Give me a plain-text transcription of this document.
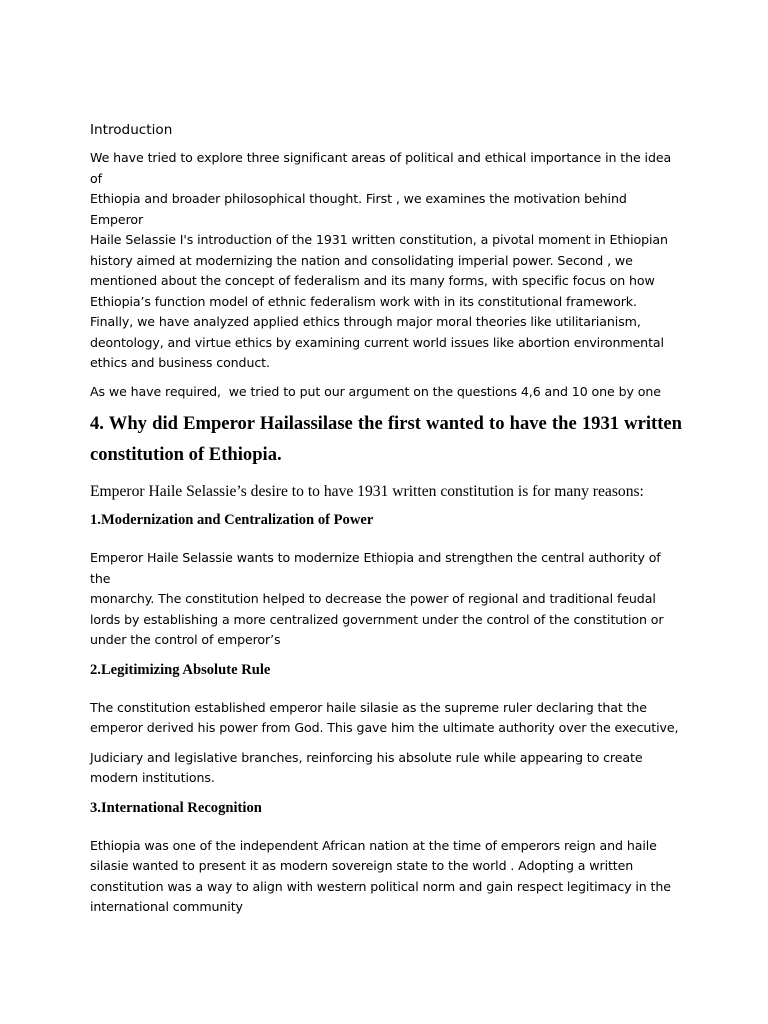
Introduction

We have tried to explore three significant areas of political and ethical importance in the idea of
Ethiopia and broader philosophical thought. First , we examines the motivation behind Emperor
Haile Selassie I's introduction of the 1931 written constitution, a pivotal moment in Ethiopian
history aimed at modernizing the nation and consolidating imperial power. Second , we
mentioned about the concept of federalism and its many forms, with specific focus on how
Ethiopia’s function model of ethnic federalism work with in its constitutional framework.
Finally, we have analyzed applied ethics through major moral theories like utilitarianism,
deontology, and virtue ethics by examining current world issues like abortion environmental
ethics and business conduct.

As we have required,  we tried to put our argument on the questions 4,6 and 10 one by one

4. Why did Emperor Hailassilase the first wanted to have the 1931 written constitution of Ethiopia.

Emperor Haile Selassie’s desire to to have 1931 written constitution is for many reasons:

1.Modernization and Centralization of Power

Emperor Haile Selassie wants to modernize Ethiopia and strengthen the central authority of the
monarchy. The constitution helped to decrease the power of regional and traditional feudal
lords by establishing a more centralized government under the control of the constitution or
under the control of emperor’s

2.Legitimizing Absolute Rule

The constitution established emperor haile silasie as the supreme ruler declaring that the
emperor derived his power from God. This gave him the ultimate authority over the executive,
Judiciary and legislative branches, reinforcing his absolute rule while appearing to create
modern institutions.

3.International Recognition

Ethiopia was one of the independent African nation at the time of emperors reign and haile
silasie wanted to present it as modern sovereign state to the world . Adopting a written
constitution was a way to align with western political norm and gain respect legitimacy in the
international community
